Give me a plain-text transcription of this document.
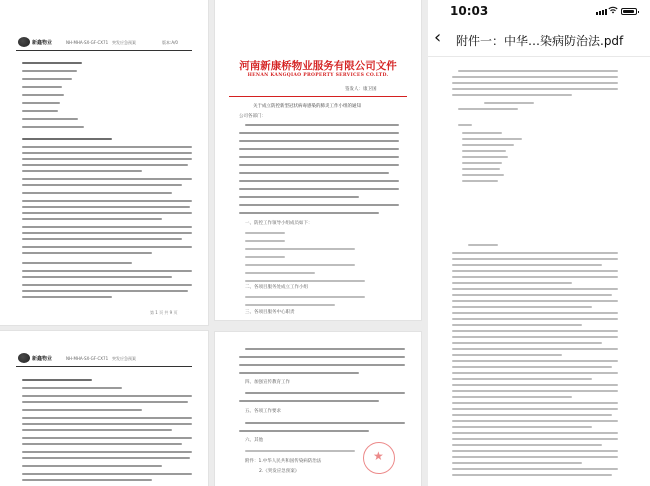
新鑫物业	NH-MHA-SX-GF-CX71 突发应急预案	版本:A/0
第 1 页 共 9 页
新鑫物业	NH-MHA-SX-GF-CX71 突发应急预案
河南新康桥物业服务有限公司文件
HENAN KANGQIAO PROPERTY SERVICES CO.LTD.
签发人：康卫国
关于成立防控新型冠状病毒感染的肺炎工作小组的通知
公司各部门：
一、防控工作领导小组成员如下：
二、各项目服务处成立工作小组
三、各项目服务中心职责
四、加强宣传教育工作
五、各项工作要求
六、其他
附件：1.中华人民共和国传染病防治法
2.《突发应急预案》
★
10:03
‹ 附件一：中华…染病防治法.pdf
